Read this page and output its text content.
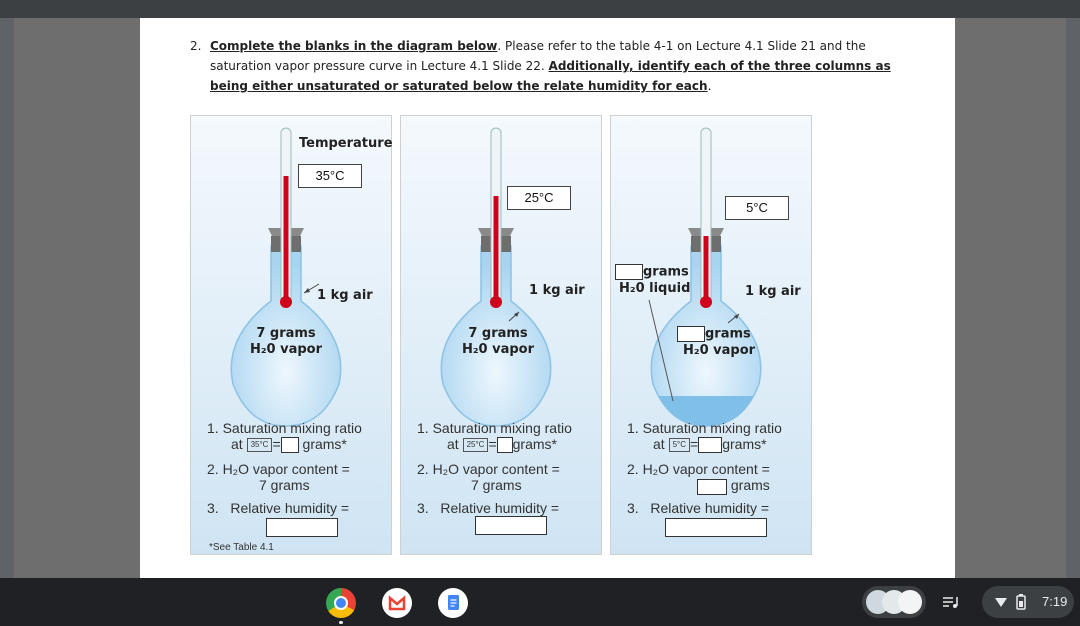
2. Complete the blanks in the diagram below. Please refer to the table 4-1 on Lecture 4.1 Slide 21 and the saturation vapor pressure curve in Lecture 4.1 Slide 22. Additionally, identify each of the three columns as being either unsaturated or saturated below the relate humidity for each.
Temperature
35°C
1 kg air
7 grams
H₂0 vapor
1. Saturation mixing ratio
at 35°C = grams*
2. H₂O vapor content =
7 grams
3. Relative humidity =
*See Table 4.1
25°C
1 kg air
7 grams
H₂0 vapor
1. Saturation mixing ratio
at 25°C = grams*
2. H₂O vapor content =
7 grams
3. Relative humidity =
5°C
grams
H₂0 liquid	1 kg air
grams
H₂0 vapor
1. Saturation mixing ratio
at 5°C = grams*
2. H₂O vapor content =
grams
3. Relative humidity =
7:19
